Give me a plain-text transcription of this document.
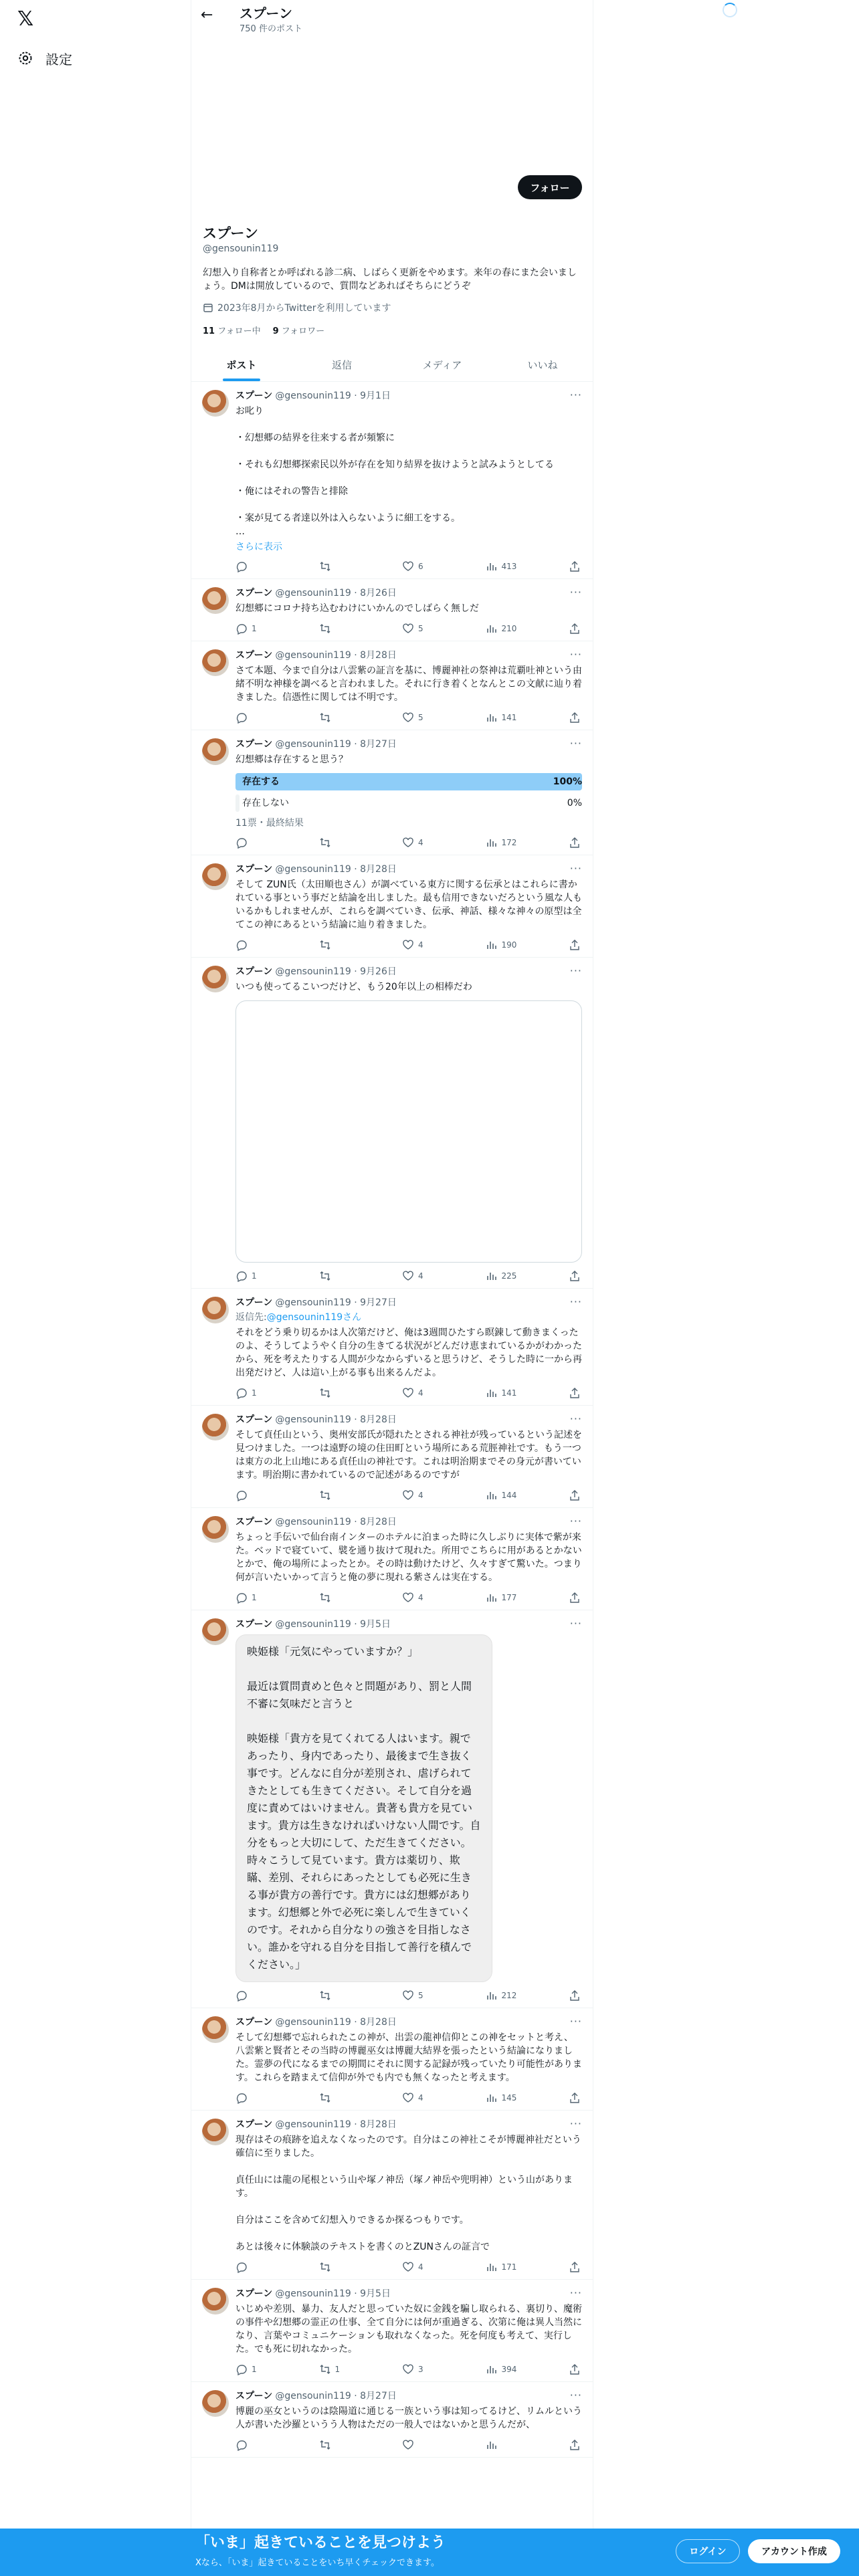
𝕏
設定
← スプーン
750 件のポスト
フォロー
スプーン
@gensounin119
幻想入り自称者とか呼ばれる診二病、しばらく更新をやめます。来年の春にまた会いましょう。DMは開放しているので、質問などあればそちらにどうぞ
2023年8月からTwitterを利用しています
11 フォロー中 9 フォロワー
ポスト	返信	メディア	いいね
···
スプーン @gensounin119 · 9月1日
お叱り

・幻想郷の結界を往来する者が頻繁に

・それも幻想郷探索民以外が存在を知り結界を抜けようと試みようとしてる

・俺にはそれの警告と排除

・案が見てる者達以外は入らないように細工をする。
…
さらに表示
6	413
···
スプーン @gensounin119 · 8月26日
幻想郷にコロナ持ち込むわけにいかんのでしばらく無しだ
1	5	210
···
スプーン @gensounin119 · 8月28日
さて本題、今まで自分は八雲紫の証言を基に、博麗神社の祭神は荒覇吐神という由緒不明な神様を調べると言われました。それに行き着くとなんとこの文献に辿り着きました。信憑性に関しては不明です。
5	141
···
スプーン @gensounin119 · 8月27日
幻想郷は存在すると思う？
存在する	100%
存在しない	0%
11票・最終結果
4	172
···
スプーン @gensounin119 · 8月28日
そして ZUN氏（太田順也さん）が調べている東方に関する伝承とはこれらに書かれている事という事だと結論を出しました。最も信用できないだろという風な人もいるかもしれませんが、これらを調べていき、伝承、神話、様々な神々の原型は全てこの神にあるという結論に辿り着きました。
4	190
···
スプーン @gensounin119 · 9月26日
いつも使ってるこいつだけど、もう20年以上の相棒だわ
1	4	225
···
スプーン @gensounin119 · 9月27日
返信先:@gensounin119さん
それをどう乗り切るかは人次第だけど、俺は3週間ひたすら瞑錬して動きまくったのよ、そうしてようやく自分の生きてる状況がどんだけ恵まれているかがわかったから、死を考えたりする人間が少なからずいると思うけど、そうした時に一から再出発だけど、人は這い上がる事も出来るんだよ。
1	4	141
···
スプーン @gensounin119 · 8月28日
そして貞任山という、奥州安部氏が隠れたとされる神社が残っているという記述を見つけました。一つは遠野の境の住田町という場所にある荒脛神社です。もう一つは東方の北上山地にある貞任山の神社です。これは明治期までその身元が書いています。明治期に書かれているので記述があるのですが
4	144
···
スプーン @gensounin119 · 8月28日
ちょっと手伝いで仙台南インターのホテルに泊まった時に久しぶりに実体で紫が来た。ベッドで寝ていて、襞を通り抜けて現れた。所用でこちらに用があるとかないとかで、俺の場所によったとか。その時は動けたけど、久々すぎて驚いた。つまり何が言いたいかって言うと俺の夢に現れる紫さんは実在する。
1	4	177
···
スプーン @gensounin119 · 9月5日
映姫様「元気にやっていますか？」

最近は質問責めと色々と問題があり、罰と人間不審に気味だと言うと

映姫様「貴方を見てくれてる人はいます。親であったり、身内であったり、最後まで生き抜く事です。どんなに自分が差別され、虐げられてきたとしても生きてください。そして自分を過度に責めてはいけません。貴著も貴方を見ています。貴方は生きなければいけない人間です。自分をもっと大切にして、ただ生きてください。時々こうして見ています。貴方は薬切り、欺瞞、差別、それらにあったとしても必死に生きる事が貴方の善行です。貴方には幻想郷があります。幻想郷と外で必死に楽しんで生きていくのです。それから自分なりの強さを目指しなさい。誰かを守れる自分を目指して善行を積んでください。」
5	212
···
スプーン @gensounin119 · 8月28日
そして幻想郷で忘れられたこの神が、出雲の龍神信仰とこの神をセットと考え、八雲紫と賢者とその当時の博麗巫女は博麗大結界を張ったという結論になりました。霊夢の代になるまでの期間にそれに関する記録が残っていたり可能性があります。これらを踏まえて信仰が外でも内でも無くなったと考えます。
4	145
···
スプーン @gensounin119 · 8月28日
現存はその痕跡を追えなくなったのです。自分はこの神社こそが博麗神社だという確信に至りました。

貞任山には龍の尾根という山や塚ノ神岳（塚ノ神岳や兜明神）という山があります。

自分はここを含めて幻想入りできるか探るつもりです。

あとは後々に体験談のテキストを書くのとZUNさんの証言で
4	171
···
スプーン @gensounin119 · 9月5日
いじめや差別、暴力、友人だと思っていた奴に金銭を騙し取られる、裏切り、魔術の事件や幻想郷の霊正の仕事、全て自分には何が重過ぎる、次第に俺は異人当然になり、言葉やコミュニケーションも取れなくなった。死を何度も考えて、実行した。でも死に切れなかった。
1	1	3	394
···
スプーン @gensounin119 · 8月27日
博麗の巫女というのは陰陽道に通じる一族という事は知ってるけど、リムルという人が書いた沙羅というう人物はただの一般人ではないかと思うんだが、
「いま」起きていることを見つけよう
Xなら、「いま」起きていることをいち早くチェックできます。
ログイン	アカウント作成
